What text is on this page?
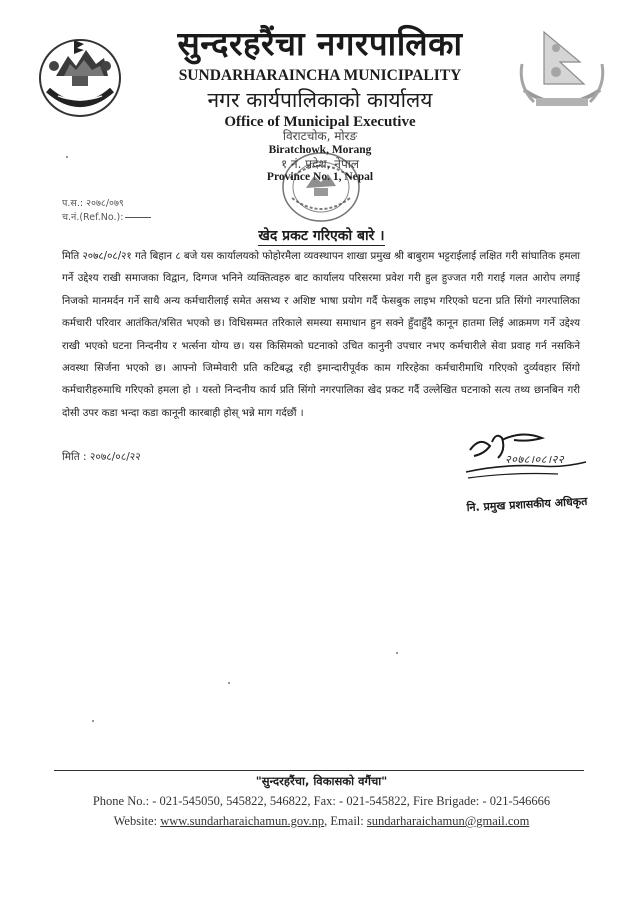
सुन्दरहरैंचा नगरपालिका
SUNDARHARAINCHA MUNICIPALITY
नगर कार्यपालिकाको कार्यालय
Office of Municipal Executive
विराटचोक, मोरङ
Biratchowk, Morang
१ नं. प्रदेश, नेपाल
Province No. 1, Nepal
प.स.: २०७८/०७९
च.नं.(Ref.No.):
खेद प्रकट गरिएको बारे ।
मिति २०७८/०८/२१ गते बिहान ८ बजे यस कार्यालयको फोहोरमैला व्यवस्थापन शाखा प्रमुख श्री बाबुराम भट्टराईलाई लक्षित गरी सांघातिक हमला गर्ने उद्देश्य राखी समाजका विद्वान, दिग्गज भनिने व्यक्तित्वहरु बाट कार्यालय परिसरमा प्रवेश गरी हुल हुज्जत गरी गराई गलत आरोप लगाई निजको मानमर्दन गर्ने साथै अन्य कर्मचारीलाई समेत असभ्य र अशिष्ट भाषा प्रयोग गर्दै फेसबुक लाइभ गरिएको घटना प्रति सिंगो नगरपालिका कर्मचारी परिवार आतंकित/त्रसित भएको छ। विधिसम्मत तरिकाले समस्या समाधान हुन सक्ने हुँदाहुँदै कानून हातमा लिई आक्रमण गर्ने उद्देश्य राखी भएको घटना निन्दनीय र भर्त्सना योग्य छ। यस किसिमको घटनाको उचित कानुनी उपचार नभए कर्मचारीले सेवा प्रवाह गर्न नसकिने अवस्था सिर्जना भएको छ। आफ्नो जिम्मेवारी प्रति कटिबद्ध रही इमान्दारीपूर्वक काम गरिरहेका कर्मचारीमाथि गरिएको दुर्व्यवहार सिंगो कर्मचारीहरुमाथि गरिएको हमला हो । यस्तो निन्दनीय कार्य प्रति सिंगो नगरपालिका खेद प्रकट गर्दै उल्लेखित घटनाको सत्य तथ्य छानबिन गरी दोसी उपर कडा भन्दा कडा कानूनी कारबाही होस् भन्ने माग गर्दछौं ।
मिति : २०७८/०८/२२	२०७८।०८।२२
नि. प्रमुख प्रशासकीय अधिकृत
"सुन्दरहरैंचा, विकासको वगैंचा"
Phone No.: - 021-545050, 545822, 546822, Fax: - 021-545822, Fire Brigade: - 021-546666
Website: www.sundarharaichamun.gov.np, Email: sundarharaichamun@gmail.com
